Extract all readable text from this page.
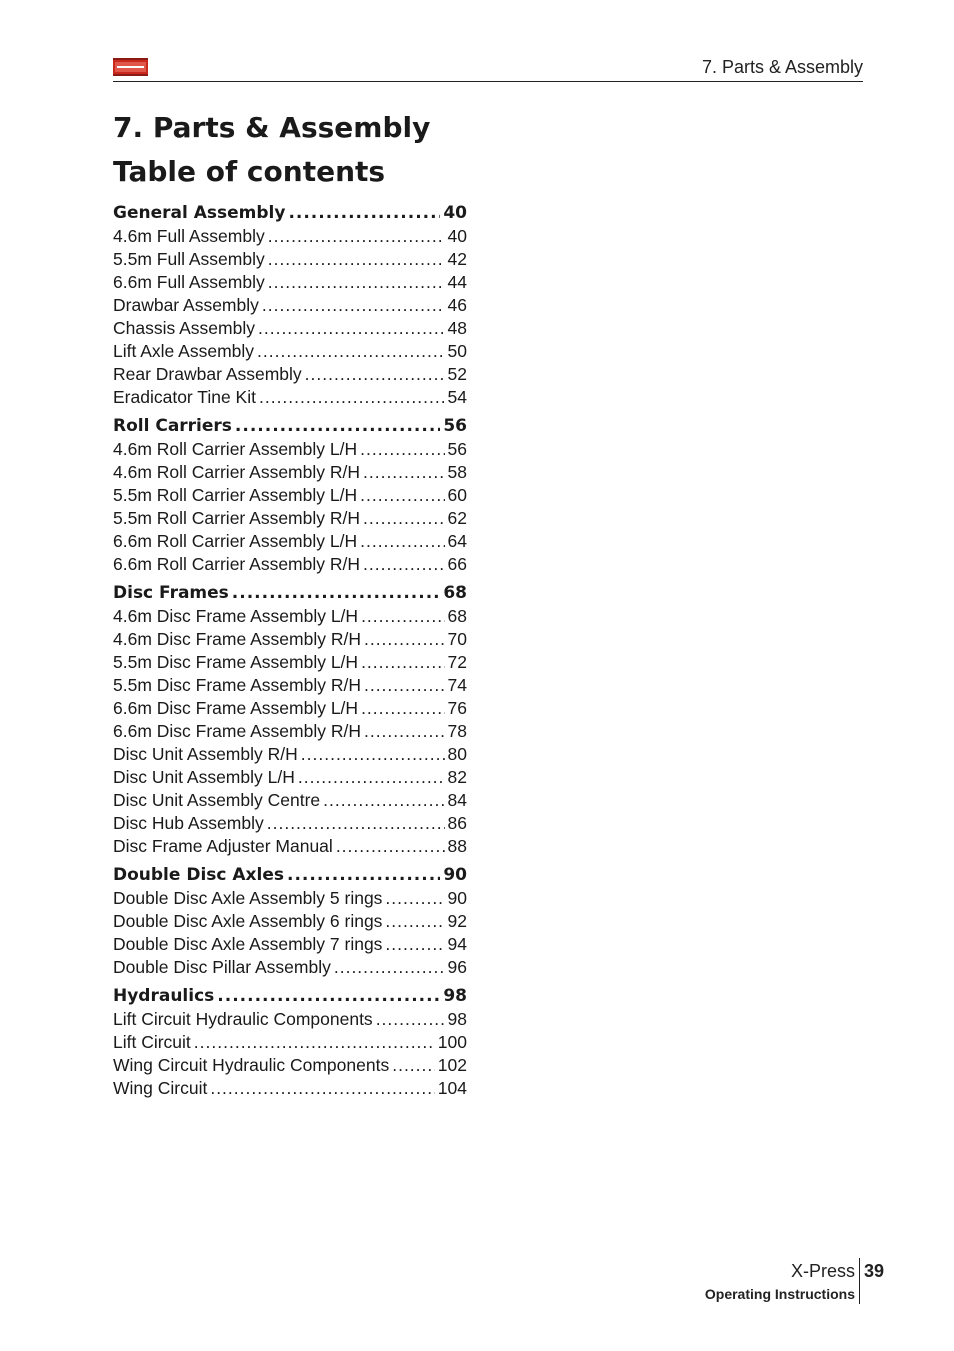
7. Parts & Assembly
7. Parts & Assembly
Table of contents
General Assembly .....	40
4.6m Full Assembly .....	40
5.5m Full Assembly .....	42
6.6m Full Assembly .....	44
Drawbar Assembly .....	46
Chassis Assembly .....	48
Lift Axle Assembly .....	50
Rear Drawbar Assembly .....	52
Eradicator Tine Kit .....	54
Roll Carriers .....	56
4.6m Roll Carrier Assembly L/H .....	56
4.6m Roll Carrier Assembly R/H .....	58
5.5m Roll Carrier Assembly L/H .....	60
5.5m Roll Carrier Assembly R/H .....	62
6.6m Roll Carrier Assembly L/H .....	64
6.6m Roll Carrier Assembly R/H .....	66
Disc Frames .....	68
4.6m Disc Frame Assembly L/H .....	68
4.6m Disc Frame Assembly R/H .....	70
5.5m Disc Frame Assembly L/H .....	72
5.5m Disc Frame Assembly R/H .....	74
6.6m Disc Frame Assembly L/H .....	76
6.6m Disc Frame Assembly R/H .....	78
Disc Unit Assembly R/H .....	80
Disc Unit Assembly L/H .....	82
Disc Unit Assembly Centre .....	84
Disc Hub Assembly .....	86
Disc Frame Adjuster Manual .....	88
Double Disc Axles .....	90
Double Disc Axle Assembly 5 rings .....	90
Double Disc Axle Assembly 6 rings .....	92
Double Disc Axle Assembly 7 rings .....	94
Double Disc Pillar Assembly .....	96
Hydraulics .....	98
Lift Circuit Hydraulic Components .....	98
Lift Circuit .....	100
Wing Circuit Hydraulic Components .....	102
Wing Circuit .....	104
X-Press
Operating Instructions
39
